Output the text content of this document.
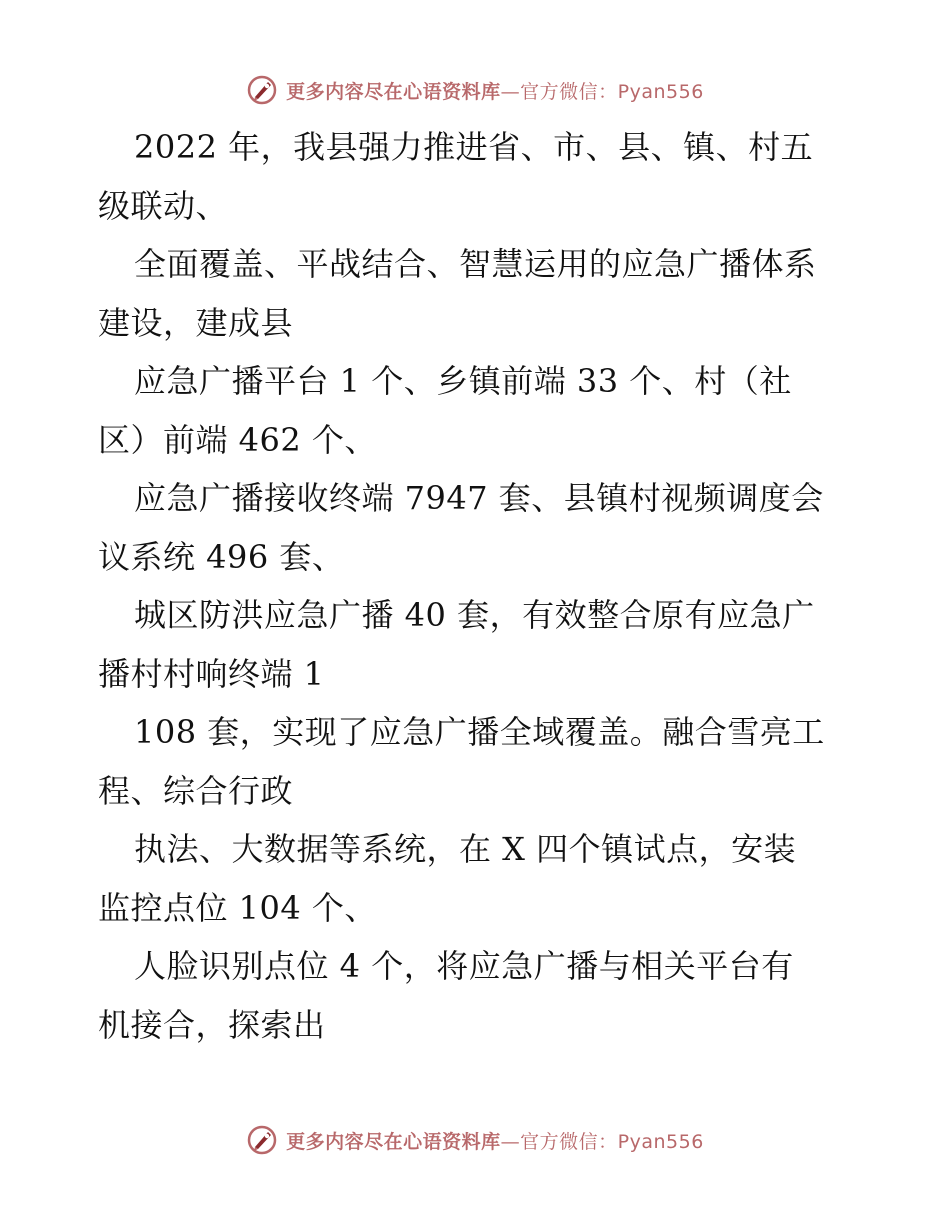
更多内容尽在心语资料库—官方微信：Pyan556
2022 年，我县强力推进省、市、县、镇、村五
级联动、
全面覆盖、平战结合、智慧运用的应急广播体系
建设，建成县
应急广播平台 1 个、乡镇前端 33 个、村（社
区）前端 462 个、
应急广播接收终端 7947 套、县镇村视频调度会
议系统 496 套、
城区防洪应急广播 40 套，有效整合原有应急广
播村村响终端 1
108 套，实现了应急广播全域覆盖。融合雪亮工
程、综合行政
执法、大数据等系统，在 X 四个镇试点，安装
监控点位 104 个、
人脸识别点位 4 个，将应急广播与相关平台有
机接合，探索出
更多内容尽在心语资料库—官方微信：Pyan556
